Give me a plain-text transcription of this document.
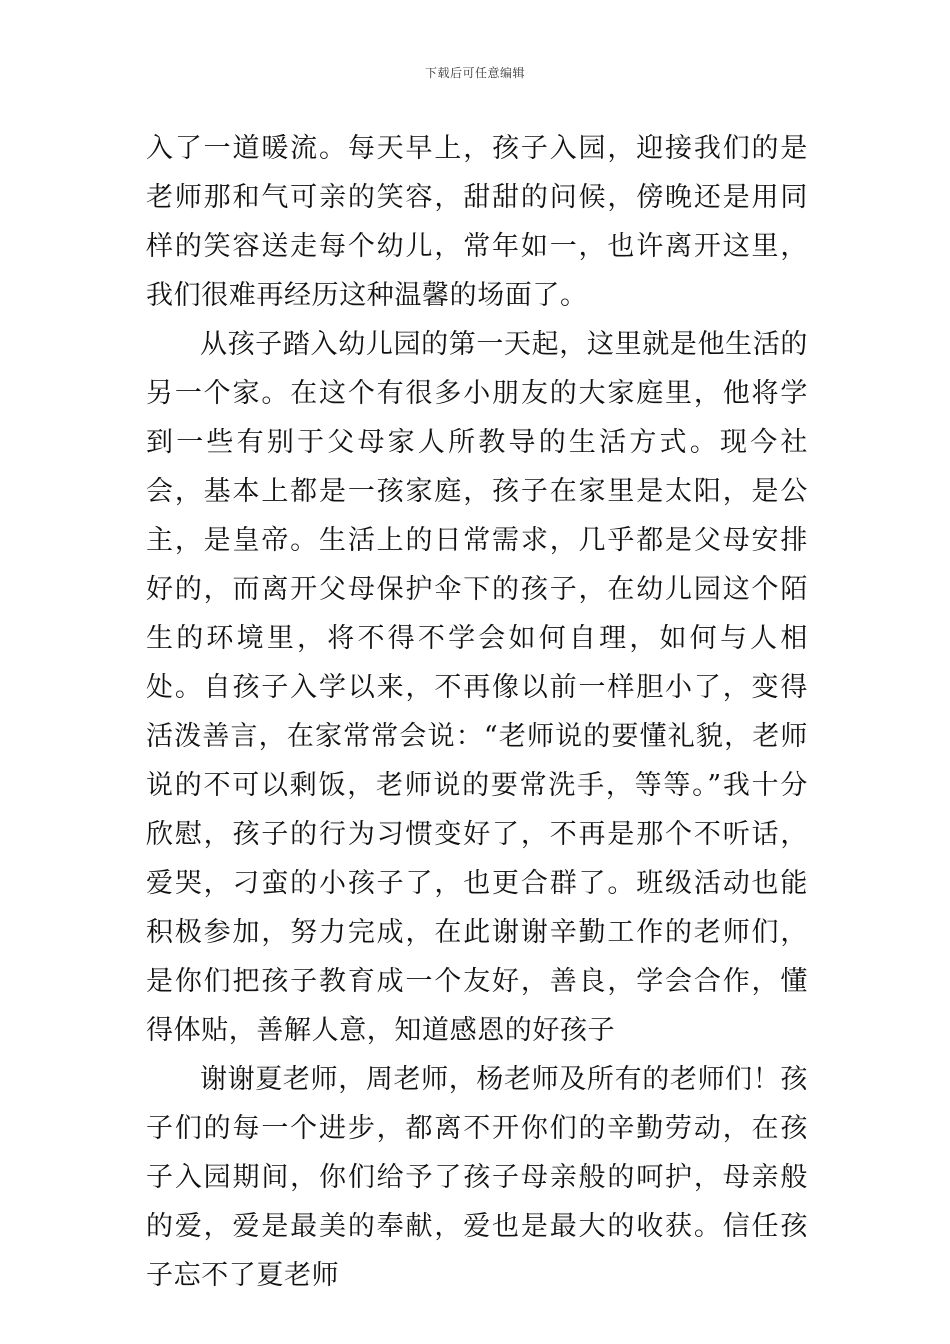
下载后可任意编辑

入了一道暖流。每天早上，孩子入园，迎接我们的是老师那和气可亲的笑容，甜甜的问候，傍晚还是用同样的笑容送走每个幼儿，常年如一，也许离开这里，我们很难再经历这种温馨的场面了。

从孩子踏入幼儿园的第一天起，这里就是他生活的另一个家。在这个有很多小朋友的大家庭里，他将学到一些有别于父母家人所教导的生活方式。现今社会，基本上都是一孩家庭，孩子在家里是太阳，是公主，是皇帝。生活上的日常需求，几乎都是父母安排好的，而离开父母保护伞下的孩子，在幼儿园这个陌生的环境里，将不得不学会如何自理，如何与人相处。自孩子入学以来，不再像以前一样胆小了，变得活泼善言，在家常常会说：“老师说的要懂礼貌，老师说的不可以剩饭，老师说的要常洗手，等等。”我十分欣慰，孩子的行为习惯变好了，不再是那个不听话，爱哭，刁蛮的小孩子了，也更合群了。班级活动也能积极参加，努力完成，在此谢谢辛勤工作的老师们，是你们把孩子教育成一个友好，善良，学会合作，懂得体贴，善解人意，知道感恩的好孩子

谢谢夏老师，周老师，杨老师及所有的老师们！孩子们的每一个进步，都离不开你们的辛勤劳动，在孩子入园期间，你们给予了孩子母亲般的呵护，母亲般的爱，爱是最美的奉献，爱也是最大的收获。信任孩子忘不了夏老师
